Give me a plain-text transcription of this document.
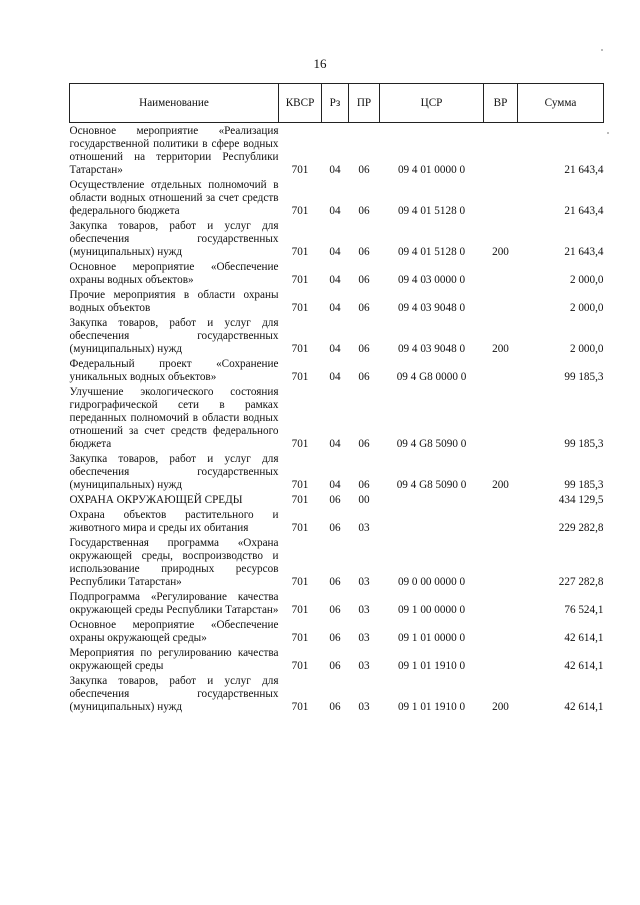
16
Наименование	КВСР	Рз	ПР	ЦСР	ВР	Сумма
Основное мероприятие «Реализация государственной политики в сфере водных отношений на территории Республики Татарстан»	701	04	06	09 4 01 0000 0		21 643,4
Осуществление отдельных полномочий в области водных отношений за счет средств федерального бюджета	701	04	06	09 4 01 5128 0		21 643,4
Закупка товаров, работ и услуг для обеспечения государственных (муниципальных) нужд	701	04	06	09 4 01 5128 0	200	21 643,4
Основное мероприятие «Обеспечение охраны водных объектов»	701	04	06	09 4 03 0000 0		2 000,0
Прочие мероприятия в области охраны водных объектов	701	04	06	09 4 03 9048 0		2 000,0
Закупка товаров, работ и услуг для обеспечения государственных (муниципальных) нужд	701	04	06	09 4 03 9048 0	200	2 000,0
Федеральный проект «Сохранение уникальных водных объектов»	701	04	06	09 4 G8 0000 0		99 185,3
Улучшение экологического состояния гидрографической сети в рамках переданных полномочий в области водных отношений за счет средств федерального бюджета	701	04	06	09 4 G8 5090 0		99 185,3
Закупка товаров, работ и услуг для обеспечения государственных (муниципальных) нужд	701	04	06	09 4 G8 5090 0	200	99 185,3
ОХРАНА ОКРУЖАЮЩЕЙ СРЕДЫ	701	06	00			434 129,5
Охрана объектов растительного и животного мира и среды их обитания	701	06	03			229 282,8
Государственная программа «Охрана окружающей среды, воспроизводство и использование природных ресурсов Республики Татарстан»	701	06	03	09 0 00 0000 0		227 282,8
Подпрограмма «Регулирование качества окружающей среды Республики Татарстан»	701	06	03	09 1 00 0000 0		76 524,1
Основное мероприятие «Обеспечение охраны окружающей среды»	701	06	03	09 1 01 0000 0		42 614,1
Мероприятия по регулированию качества окружающей среды	701	06	03	09 1 01 1910 0		42 614,1
Закупка товаров, работ и услуг для обеспечения государственных (муниципальных) нужд	701	06	03	09 1 01 1910 0	200	42 614,1
